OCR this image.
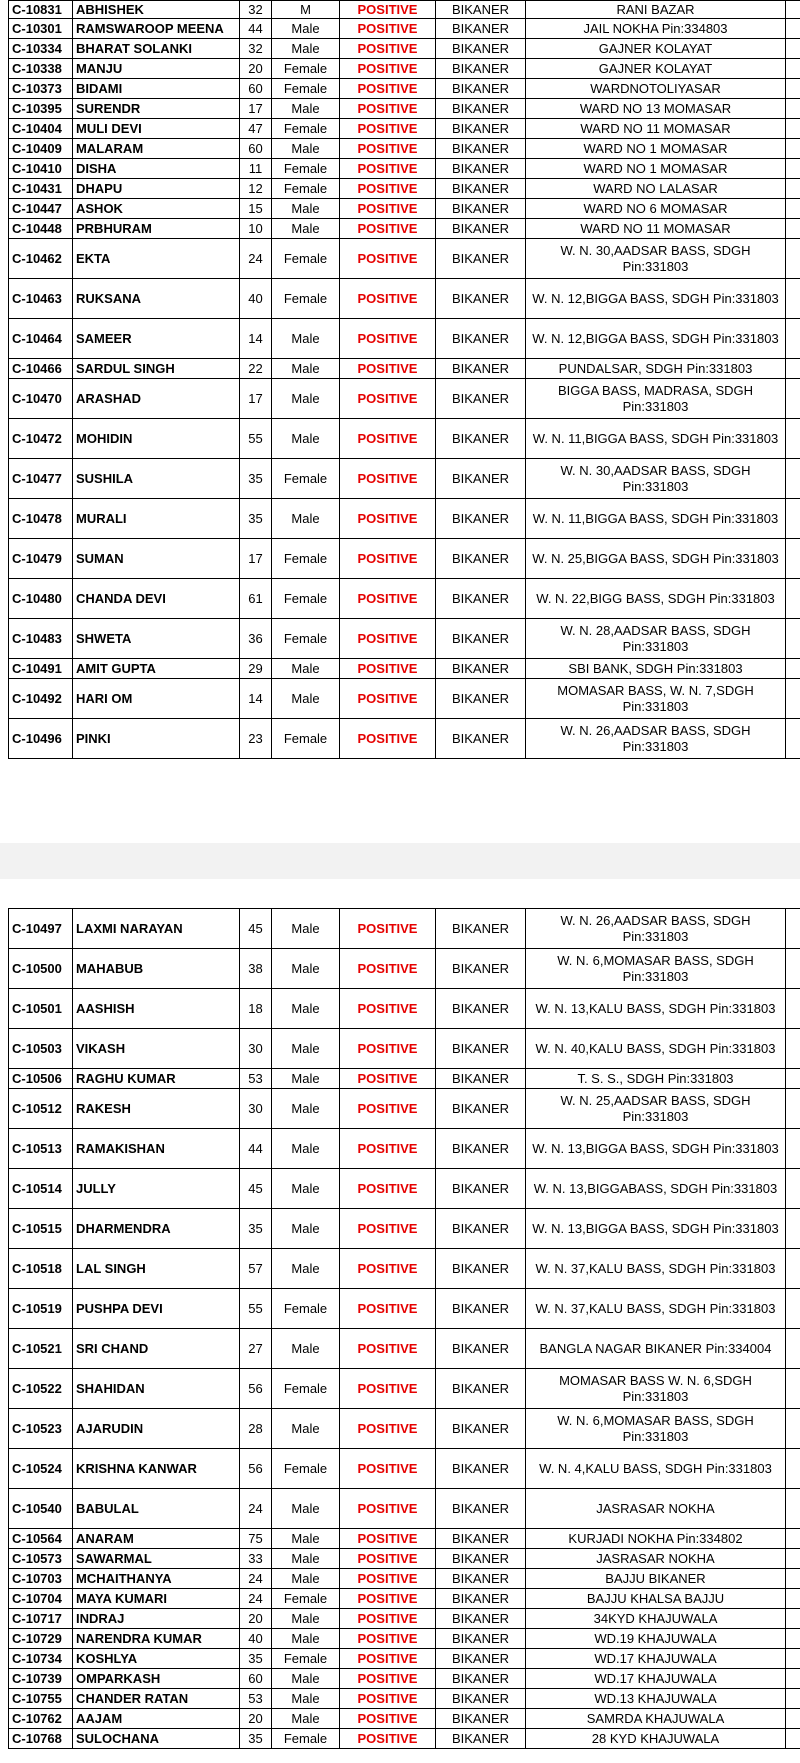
C-10831	ABHISHEK	32	M	POSITIVE	BIKANER	RANI BAZAR	
C-10301	RAMSWAROOP MEENA	44	Male	POSITIVE	BIKANER	JAIL NOKHA Pin:334803	
C-10334	BHARAT SOLANKI	32	Male	POSITIVE	BIKANER	GAJNER KOLAYAT	
C-10338	MANJU	20	Female	POSITIVE	BIKANER	GAJNER KOLAYAT	
C-10373	BIDAMI	60	Female	POSITIVE	BIKANER	WARDNOTOLIYASAR	
C-10395	SURENDR	17	Male	POSITIVE	BIKANER	WARD NO 13 MOMASAR	
C-10404	MULI DEVI	47	Female	POSITIVE	BIKANER	WARD NO 11 MOMASAR	
C-10409	MALARAM	60	Male	POSITIVE	BIKANER	WARD NO 1 MOMASAR	
C-10410	DISHA	11	Female	POSITIVE	BIKANER	WARD NO 1 MOMASAR	
C-10431	DHAPU	12	Female	POSITIVE	BIKANER	WARD NO LALASAR	
C-10447	ASHOK	15	Male	POSITIVE	BIKANER	WARD NO 6 MOMASAR	
C-10448	PRBHURAM	10	Male	POSITIVE	BIKANER	WARD NO 11 MOMASAR	
C-10462	EKTA	24	Female	POSITIVE	BIKANER	W. N. 30,AADSAR BASS, SDGH Pin:331803	
C-10463	RUKSANA	40	Female	POSITIVE	BIKANER	W. N. 12,BIGGA BASS, SDGH Pin:331803	
C-10464	SAMEER	14	Male	POSITIVE	BIKANER	W. N. 12,BIGGA BASS, SDGH Pin:331803	
C-10466	SARDUL SINGH	22	Male	POSITIVE	BIKANER	PUNDALSAR, SDGH Pin:331803	
C-10470	ARASHAD	17	Male	POSITIVE	BIKANER	BIGGA BASS, MADRASA, SDGH Pin:331803	
C-10472	MOHIDIN	55	Male	POSITIVE	BIKANER	W. N. 11,BIGGA BASS, SDGH Pin:331803	
C-10477	SUSHILA	35	Female	POSITIVE	BIKANER	W. N. 30,AADSAR BASS, SDGH Pin:331803	
C-10478	MURALI	35	Male	POSITIVE	BIKANER	W. N. 11,BIGGA BASS, SDGH Pin:331803	
C-10479	SUMAN	17	Female	POSITIVE	BIKANER	W. N. 25,BIGGA BASS, SDGH Pin:331803	
C-10480	CHANDA DEVI	61	Female	POSITIVE	BIKANER	W. N. 22,BIGG BASS, SDGH Pin:331803	
C-10483	SHWETA	36	Female	POSITIVE	BIKANER	W. N. 28,AADSAR BASS, SDGH Pin:331803	
C-10491	AMIT GUPTA	29	Male	POSITIVE	BIKANER	SBI BANK, SDGH Pin:331803	
C-10492	HARI OM	14	Male	POSITIVE	BIKANER	MOMASAR BASS, W. N. 7,SDGH Pin:331803	
C-10496	PINKI	23	Female	POSITIVE	BIKANER	W. N. 26,AADSAR BASS, SDGH Pin:331803	
C-10497	LAXMI NARAYAN	45	Male	POSITIVE	BIKANER	W. N. 26,AADSAR BASS, SDGH Pin:331803	
C-10500	MAHABUB	38	Male	POSITIVE	BIKANER	W. N. 6,MOMASAR BASS, SDGH Pin:331803	
C-10501	AASHISH	18	Male	POSITIVE	BIKANER	W. N. 13,KALU BASS, SDGH Pin:331803	
C-10503	VIKASH	30	Male	POSITIVE	BIKANER	W. N. 40,KALU BASS, SDGH Pin:331803	
C-10506	RAGHU KUMAR	53	Male	POSITIVE	BIKANER	T. S. S., SDGH Pin:331803	
C-10512	RAKESH	30	Male	POSITIVE	BIKANER	W. N. 25,AADSAR BASS, SDGH Pin:331803	
C-10513	RAMAKISHAN	44	Male	POSITIVE	BIKANER	W. N. 13,BIGGA BASS, SDGH Pin:331803	
C-10514	JULLY	45	Male	POSITIVE	BIKANER	W. N. 13,BIGGABASS, SDGH Pin:331803	
C-10515	DHARMENDRA	35	Male	POSITIVE	BIKANER	W. N. 13,BIGGA BASS, SDGH Pin:331803	
C-10518	LAL SINGH	57	Male	POSITIVE	BIKANER	W. N. 37,KALU BASS, SDGH Pin:331803	
C-10519	PUSHPA DEVI	55	Female	POSITIVE	BIKANER	W. N. 37,KALU BASS, SDGH Pin:331803	
C-10521	SRI CHAND	27	Male	POSITIVE	BIKANER	BANGLA NAGAR BIKANER Pin:334004	
C-10522	SHAHIDAN	56	Female	POSITIVE	BIKANER	MOMASAR BASS W. N. 6,SDGH Pin:331803	
C-10523	AJARUDIN	28	Male	POSITIVE	BIKANER	W. N. 6,MOMASAR BASS, SDGH Pin:331803	
C-10524	KRISHNA KANWAR	56	Female	POSITIVE	BIKANER	W. N. 4,KALU BASS, SDGH Pin:331803	
C-10540	BABULAL	24	Male	POSITIVE	BIKANER	JASRASAR NOKHA	
C-10564	ANARAM	75	Male	POSITIVE	BIKANER	KURJADI NOKHA Pin:334802	
C-10573	SAWARMAL	33	Male	POSITIVE	BIKANER	JASRASAR NOKHA	
C-10703	MCHAITHANYA	24	Male	POSITIVE	BIKANER	BAJJU BIKANER	
C-10704	MAYA KUMARI	24	Female	POSITIVE	BIKANER	BAJJU KHALSA BAJJU	
C-10717	INDRAJ	20	Male	POSITIVE	BIKANER	34KYD KHAJUWALA	
C-10729	NARENDRA KUMAR	40	Male	POSITIVE	BIKANER	WD.19 KHAJUWALA	
C-10734	KOSHLYA	35	Female	POSITIVE	BIKANER	WD.17 KHAJUWALA	
C-10739	OMPARKASH	60	Male	POSITIVE	BIKANER	WD.17 KHAJUWALA	
C-10755	CHANDER RATAN	53	Male	POSITIVE	BIKANER	WD.13 KHAJUWALA	
C-10762	AAJAM	20	Male	POSITIVE	BIKANER	SAMRDA KHAJUWALA	
C-10768	SULOCHANA	35	Female	POSITIVE	BIKANER	28 KYD KHAJUWALA	
